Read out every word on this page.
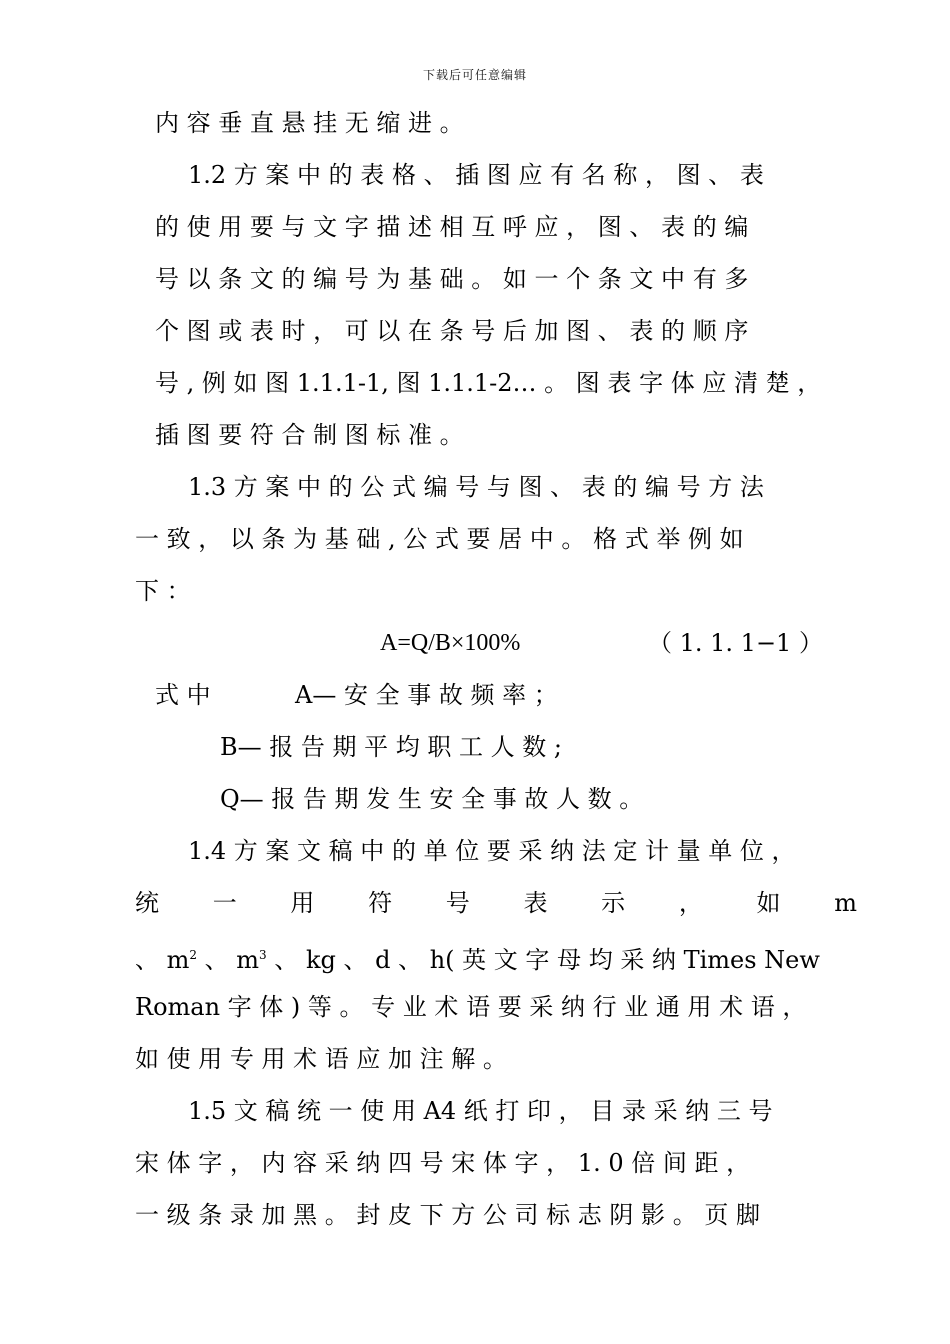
下载后可任意编辑
内 容 垂 直 悬 挂 无 缩 进 。
1.2 方 案 中 的 表 格 、 插 图 应 有 名 称 ， 图 、 表
的 使 用 要 与 文 字 描 述 相 互 呼 应 ， 图 、 表 的 编
号 以 条 文 的 编 号 为 基 础 。 如 一 个 条 文 中 有 多
个 图 或 表 时 ， 可 以 在 条 号 后 加 图 、 表 的 顺 序
号 , 例 如 图 1.1.1-1, 图 1.1.1-2… 。 图 表 字 体 应 清 楚 ，
插 图 要 符 合 制 图 标 准 。
1.3 方 案 中 的 公 式 编 号 与 图 、 表 的 编 号 方 法
一 致 ， 以 条 为 基 础 , 公 式 要 居 中 。 格 式 举 例 如
下 ：
A=Q/B×100%	（ 1. 1. 1−1 ）
式 中	A— 安 全 事 故 频 率 ；
B— 报 告 期 平 均 职 工 人 数 ;
Q— 报 告 期 发 生 安 全 事 故 人 数 。
1.4 方 案 文 稿 中 的 单 位 要 采 纳 法 定 计 量 单 位 ，
统 一 用 符 号 表 示 ， 如 m
、 $m^2$ 、 $m^3$ 、 kg 、 d 、 h( 英 文 字 母 均 采 纳 Times New
Roman 字 体 ) 等 。 专 业 术 语 要 采 纳 行 业 通 用 术 语 ，
如 使 用 专 用 术 语 应 加 注 解 。
1.5 文 稿 统 一 使 用 A4 纸 打 印 ， 目 录 采 纳 三 号
宋 体 字 ， 内 容 采 纳 四 号 宋 体 字 ， 1. 0 倍 间 距 ，
一 级 条 录 加 黑 。 封 皮 下 方 公 司 标 志 阴 影 。 页 脚
